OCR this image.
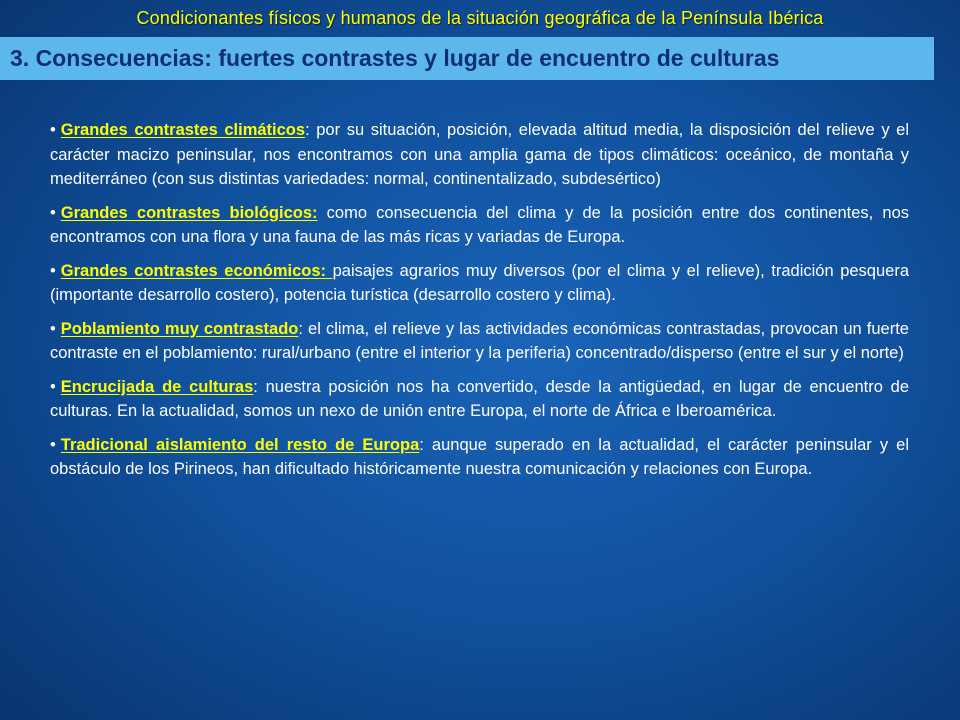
Condicionantes físicos y humanos de la situación geográfica de la Península Ibérica
3. Consecuencias: fuertes contrastes y lugar de encuentro de culturas

• Grandes contrastes climáticos: por su situación, posición, elevada altitud media, la disposición del relieve y el carácter macizo peninsular, nos encontramos con una amplia gama de tipos climáticos: oceánico, de montaña y mediterráneo (con sus distintas variedades: normal, continentalizado, subdesértico)

• Grandes contrastes biológicos: como consecuencia del clima y de la posición entre dos continentes, nos encontramos con una flora y una fauna de las más ricas y variadas de Europa.

• Grandes contrastes económicos: paisajes agrarios muy diversos (por el clima y el relieve), tradición pesquera (importante desarrollo costero), potencia turística (desarrollo costero y clima).

• Poblamiento muy contrastado: el clima, el relieve y las actividades económicas contrastadas, provocan un fuerte contraste en el poblamiento: rural/urbano (entre el interior y la periferia) concentrado/disperso (entre el sur y el norte)

• Encrucijada de culturas: nuestra posición nos ha convertido, desde la antigüedad, en lugar de encuentro de culturas. En la actualidad, somos un nexo de unión entre Europa, el norte de África e Iberoamérica.

• Tradicional aislamiento del resto de Europa: aunque superado en la actualidad, el carácter peninsular y el obstáculo de los Pirineos, han dificultado históricamente nuestra comunicación y relaciones con Europa.
